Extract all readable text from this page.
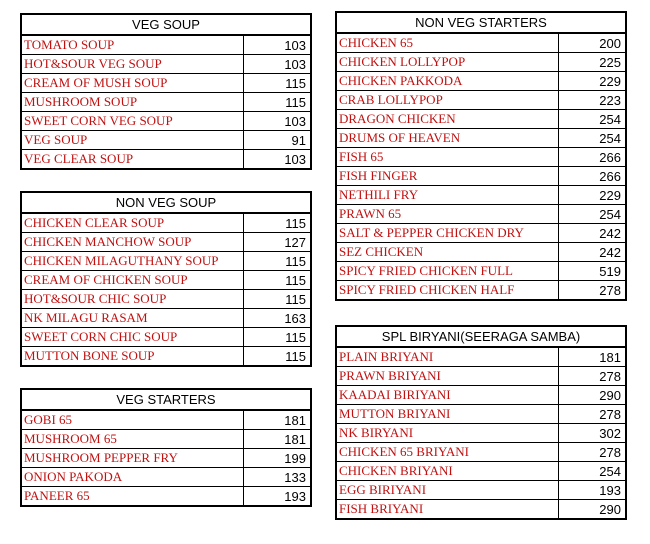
VEG SOUP	
TOMATO SOUP	103
HOT&SOUR VEG SOUP	103
CREAM OF MUSH SOUP	115
MUSHROOM SOUP	115
SWEET CORN VEG SOUP	103
VEG SOUP	91
VEG CLEAR SOUP	103
NON VEG SOUP	
CHICKEN CLEAR SOUP	115
CHICKEN MANCHOW SOUP	127
CHICKEN MILAGUTHANY SOUP	115
CREAM OF CHICKEN SOUP	115
HOT&SOUR CHIC SOUP	115
NK MILAGU RASAM	163
SWEET CORN CHIC SOUP	115
MUTTON BONE SOUP	115
VEG STARTERS	
GOBI 65	181
MUSHROOM 65	181
MUSHROOM PEPPER FRY	199
ONION PAKODA	133
PANEER 65	193
NON VEG STARTERS	
CHICKEN 65	200
CHICKEN LOLLYPOP	225
CHICKEN PAKKODA	229
CRAB LOLLYPOP	223
DRAGON CHICKEN	254
DRUMS OF HEAVEN	254
FISH 65	266
FISH FINGER	266
NETHILI FRY	229
PRAWN 65	254
SALT & PEPPER CHICKEN DRY	242
SEZ CHICKEN	242
SPICY FRIED CHICKEN FULL	519
SPICY FRIED CHICKEN HALF	278
SPL BIRYANI(SEERAGA SAMBA)	
PLAIN BRIYANI	181
PRAWN BRIYANI	278
KAADAI BIRIYANI	290
MUTTON BRIYANI	278
NK BIRYANI	302
CHICKEN 65 BRIYANI	278
CHICKEN BRIYANI	254
EGG BIRIYANI	193
FISH BRIYANI	290
